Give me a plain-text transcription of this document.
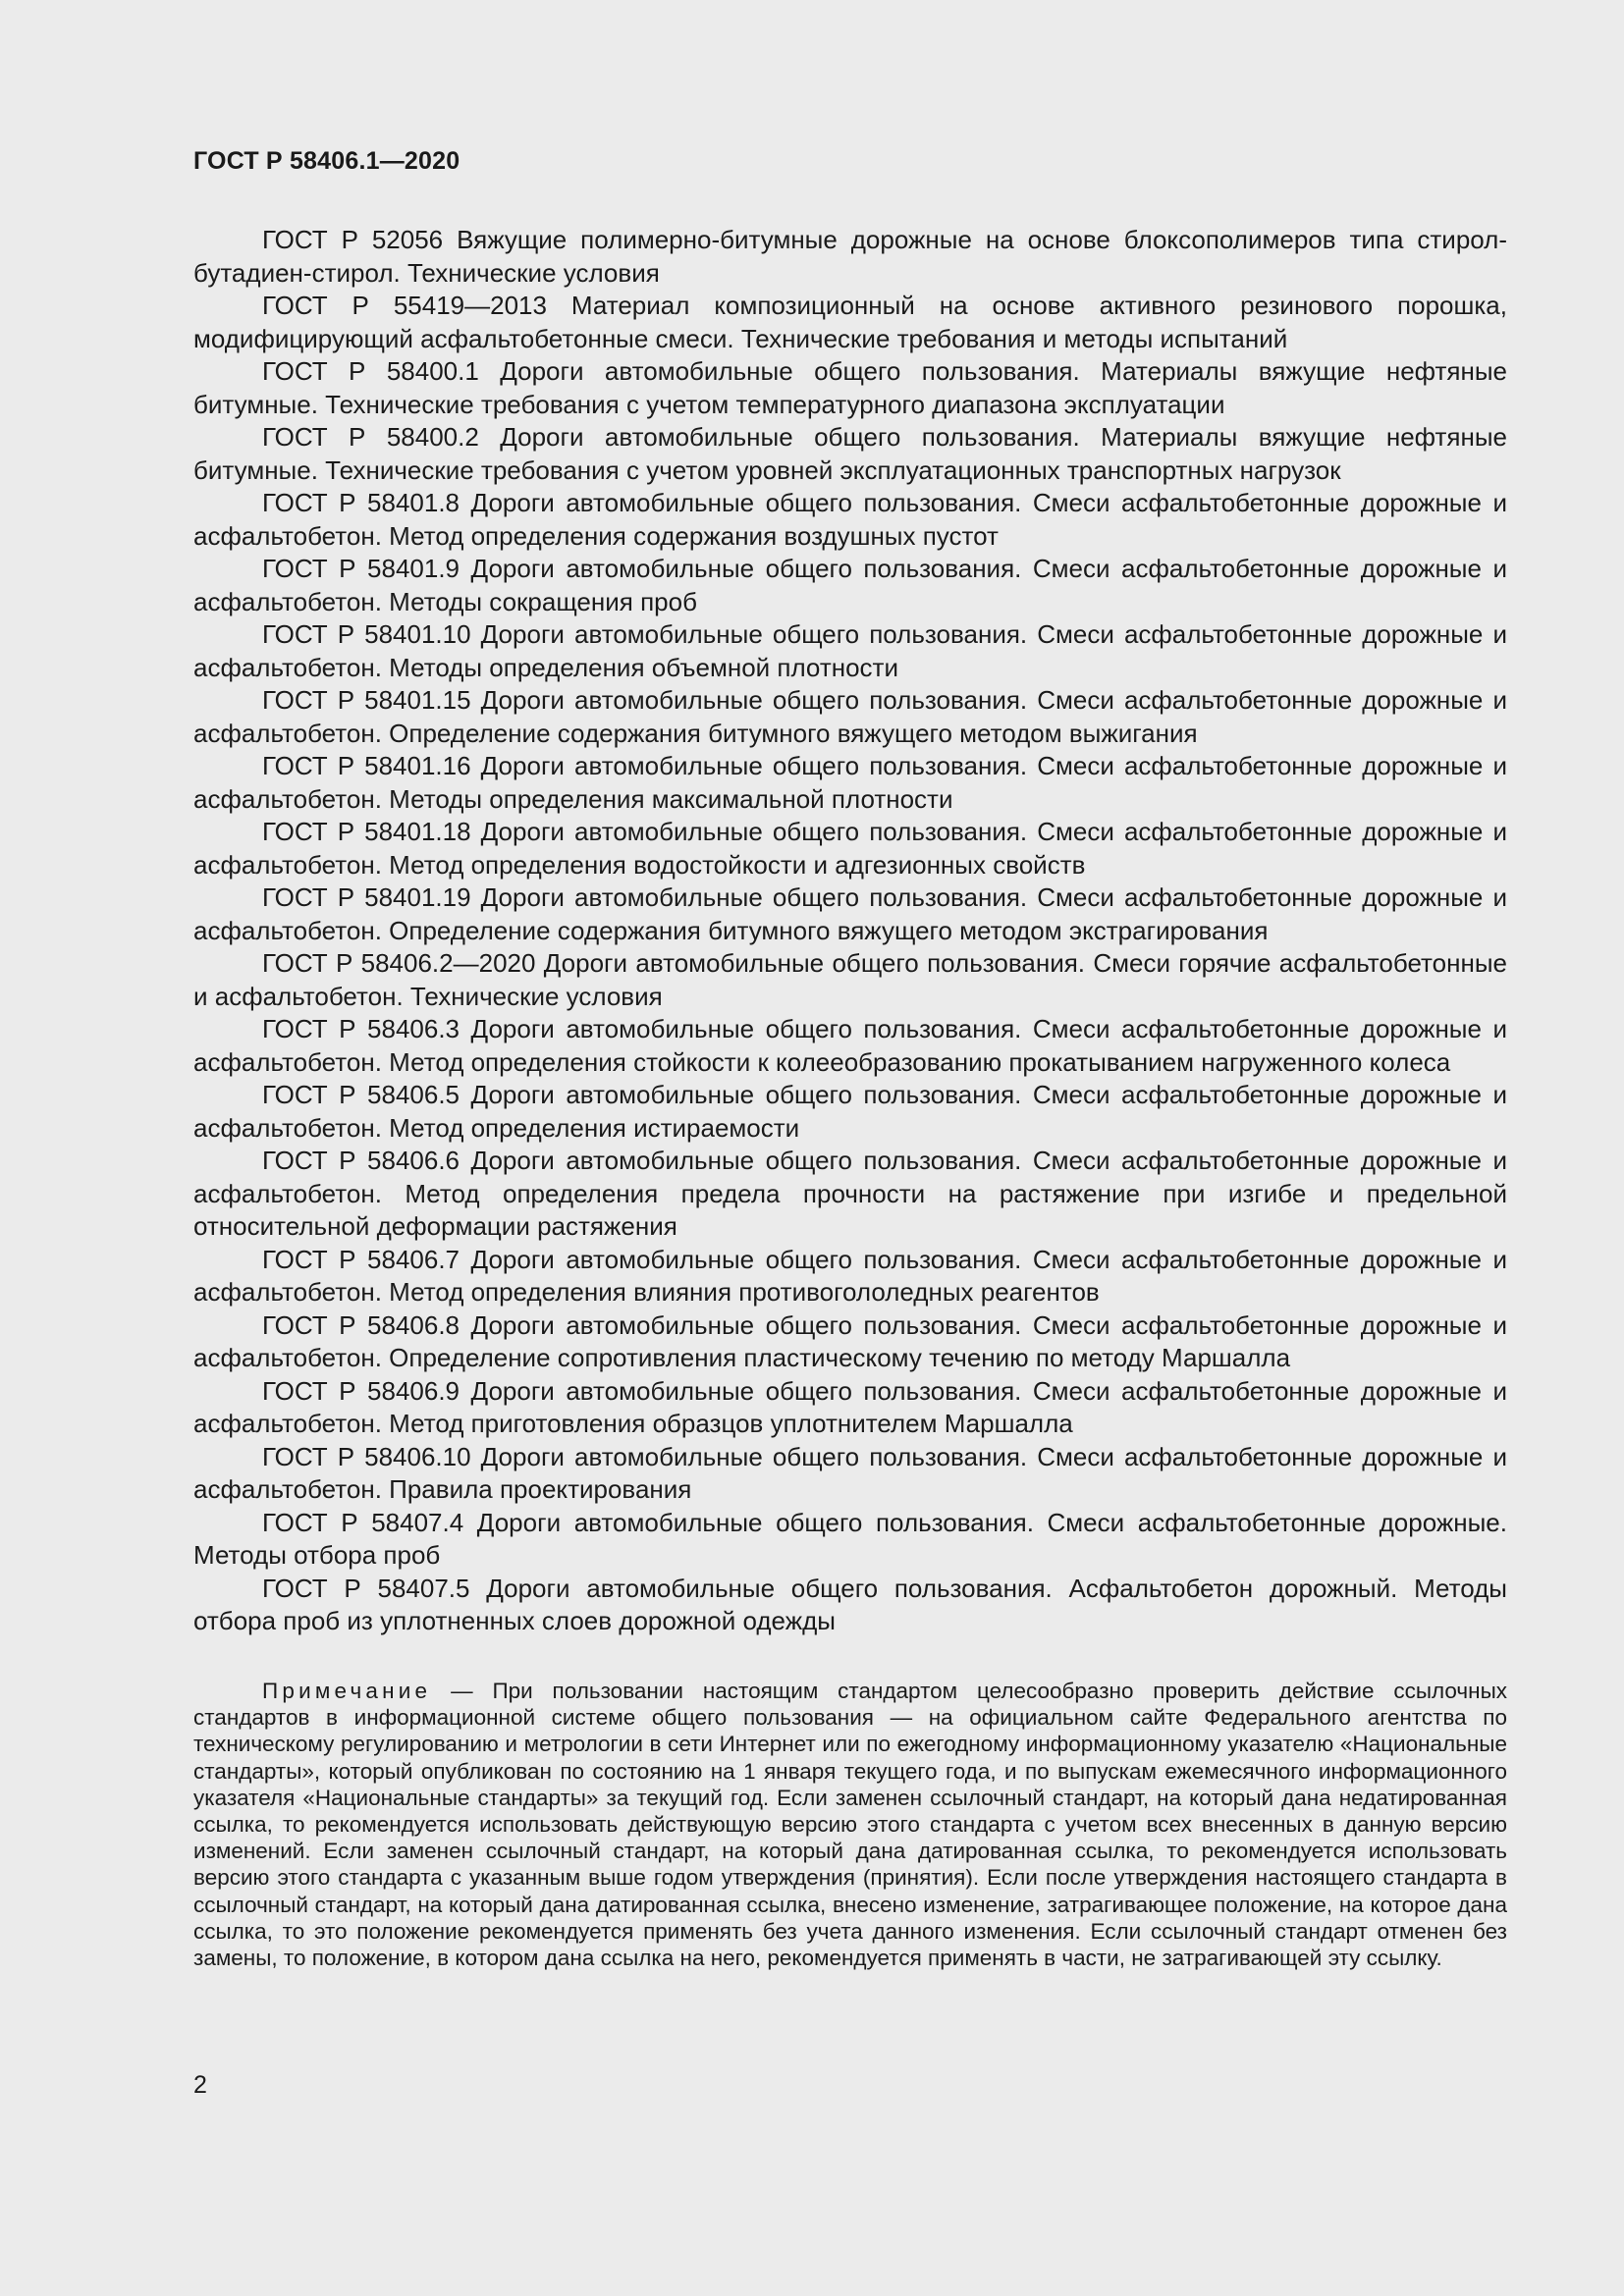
ГОСТ Р 58406.1—2020
ГОСТ Р 52056 Вяжущие полимерно-битумные дорожные на основе блоксополимеров типа стирол-бутадиен-стирол. Технические условия
ГОСТ Р 55419—2013 Материал композиционный на основе активного резинового порошка, модифицирующий асфальтобетонные смеси. Технические требования и методы испытаний
ГОСТ Р 58400.1 Дороги автомобильные общего пользования. Материалы вяжущие нефтяные битумные. Технические требования с учетом температурного диапазона эксплуатации
ГОСТ Р 58400.2 Дороги автомобильные общего пользования. Материалы вяжущие нефтяные битумные. Технические требования с учетом уровней эксплуатационных транспортных нагрузок
ГОСТ Р 58401.8 Дороги автомобильные общего пользования. Смеси асфальтобетонные дорожные и асфальтобетон. Метод определения содержания воздушных пустот
ГОСТ Р 58401.9 Дороги автомобильные общего пользования. Смеси асфальтобетонные дорожные и асфальтобетон. Методы сокращения проб
ГОСТ Р 58401.10 Дороги автомобильные общего пользования. Смеси асфальтобетонные дорожные и асфальтобетон. Методы определения объемной плотности
ГОСТ Р 58401.15 Дороги автомобильные общего пользования. Смеси асфальтобетонные дорожные и асфальтобетон. Определение содержания битумного вяжущего методом выжигания
ГОСТ Р 58401.16 Дороги автомобильные общего пользования. Смеси асфальтобетонные дорожные и асфальтобетон. Методы определения максимальной плотности
ГОСТ Р 58401.18 Дороги автомобильные общего пользования. Смеси асфальтобетонные дорожные и асфальтобетон. Метод определения водостойкости и адгезионных свойств
ГОСТ Р 58401.19 Дороги автомобильные общего пользования. Смеси асфальтобетонные дорожные и асфальтобетон. Определение содержания битумного вяжущего методом экстрагирования
ГОСТ Р 58406.2—2020 Дороги автомобильные общего пользования. Смеси горячие асфальтобетонные и асфальтобетон. Технические условия
ГОСТ Р 58406.3 Дороги автомобильные общего пользования. Смеси асфальтобетонные дорожные и асфальтобетон. Метод определения стойкости к колееобразованию прокатыванием нагруженного колеса
ГОСТ Р 58406.5 Дороги автомобильные общего пользования. Смеси асфальтобетонные дорожные и асфальтобетон. Метод определения истираемости
ГОСТ Р 58406.6 Дороги автомобильные общего пользования. Смеси асфальтобетонные дорожные и асфальтобетон. Метод определения предела прочности на растяжение при изгибе и предельной относительной деформации растяжения
ГОСТ Р 58406.7 Дороги автомобильные общего пользования. Смеси асфальтобетонные дорожные и асфальтобетон. Метод определения влияния противогололедных реагентов
ГОСТ Р 58406.8 Дороги автомобильные общего пользования. Смеси асфальтобетонные дорожные и асфальтобетон. Определение сопротивления пластическому течению по методу Маршалла
ГОСТ Р 58406.9 Дороги автомобильные общего пользования. Смеси асфальтобетонные дорожные и асфальтобетон. Метод приготовления образцов уплотнителем Маршалла
ГОСТ Р 58406.10 Дороги автомобильные общего пользования. Смеси асфальтобетонные дорожные и асфальтобетон. Правила проектирования
ГОСТ Р 58407.4 Дороги автомобильные общего пользования. Смеси асфальтобетонные дорожные. Методы отбора проб
ГОСТ Р 58407.5 Дороги автомобильные общего пользования. Асфальтобетон дорожный. Методы отбора проб из уплотненных слоев дорожной одежды

Примечание — При пользовании настоящим стандартом целесообразно проверить действие ссылочных стандартов в информационной системе общего пользования — на официальном сайте Федерального агентства по техническому регулированию и метрологии в сети Интернет или по ежегодному информационному указателю «Национальные стандарты», который опубликован по состоянию на 1 января текущего года, и по выпускам ежемесячного информационного указателя «Национальные стандарты» за текущий год. Если заменен ссылочный стандарт, на который дана недатированная ссылка, то рекомендуется использовать действующую версию этого стандарта с учетом всех внесенных в данную версию изменений. Если заменен ссылочный стандарт, на который дана датированная ссылка, то рекомендуется использовать версию этого стандарта с указанным выше годом утверждения (принятия). Если после утверждения настоящего стандарта в ссылочный стандарт, на который дана датированная ссылка, внесено изменение, затрагивающее положение, на которое дана ссылка, то это положение рекомендуется применять без учета данного изменения. Если ссылочный стандарт отменен без замены, то положение, в котором дана ссылка на него, рекомендуется применять в части, не затрагивающей эту ссылку.

2
